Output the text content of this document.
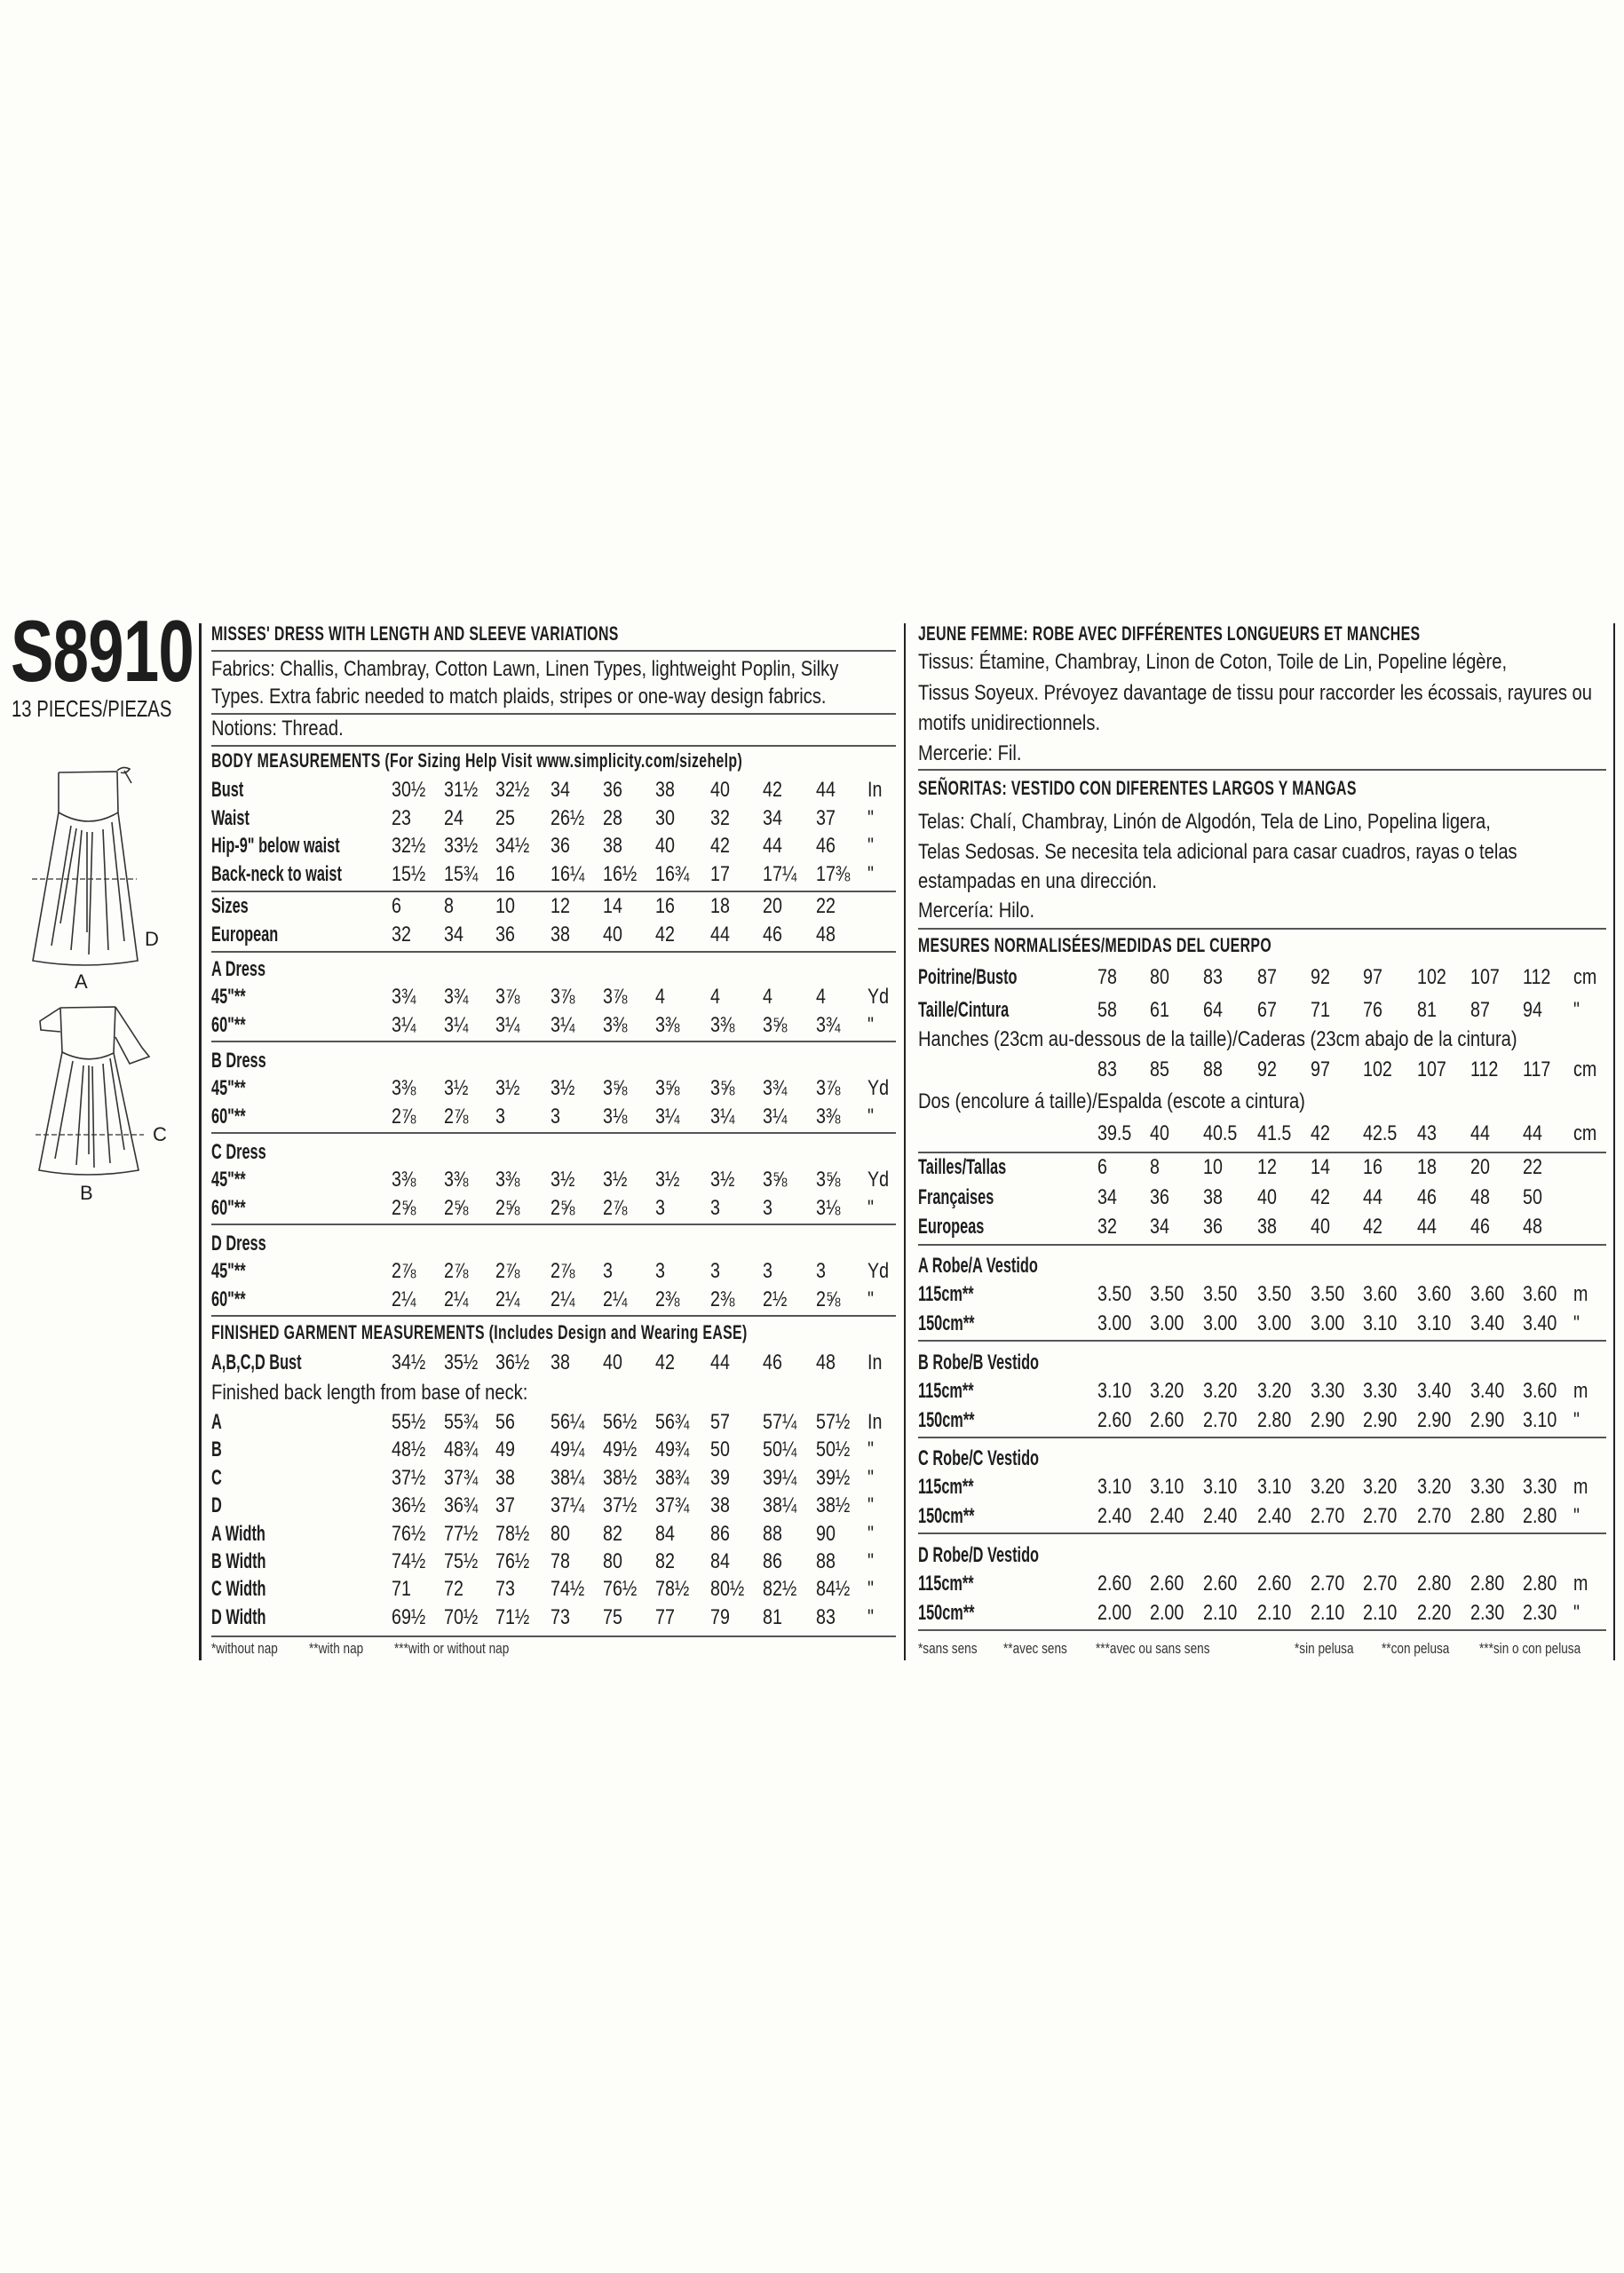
S8910
13 PIECES/PIEZAS
A
D
B
C
MISSES' DRESS WITH LENGTH AND SLEEVE VARIATIONS
Fabrics: Challis, Chambray, Cotton Lawn, Linen Types, lightweight Poplin, Silky
Types. Extra fabric needed to match plaids, stripes or one-way design fabrics.
Notions: Thread.
BODY MEASUREMENTS (For Sizing Help Visit www.simplicity.com/sizehelp)
Bust	30½ 31½ 32½ 34 36 38 40 42 44 In
Waist	23 24 25 26½ 28 30 32 34 37 "
Hip-9" below waist 32½ 33½ 34½ 36 38 40 42 44 46 "
Back-neck to waist 15½ 15¾ 16 16¼ 16½ 16¾ 17 17¼ 17⅜ "
Sizes	6 8 10 12 14 16 18 20 22
European	32 34 36 38 40 42 44 46 48
A Dress
45"**	3¾ 3¾ 3⅞ 3⅞ 3⅞ 4 4 4 4 Yd
60"**	3¼ 3¼ 3¼ 3¼ 3⅜ 3⅜ 3⅜ 3⅝ 3¾ "
B Dress
45"**	3⅜ 3½ 3½ 3½ 3⅝ 3⅝ 3⅝ 3¾ 3⅞ Yd
60"**	2⅞ 2⅞ 3 3 3⅛ 3¼ 3¼ 3¼ 3⅜ "
C Dress
45"**	3⅜ 3⅜ 3⅜ 3½ 3½ 3½ 3½ 3⅝ 3⅝ Yd
60"**	2⅝ 2⅝ 2⅝ 2⅝ 2⅞ 3 3 3 3⅛ "
D Dress
45"**	2⅞ 2⅞ 2⅞ 2⅞ 3 3 3 3 3 Yd
60"**	2¼ 2¼ 2¼ 2¼ 2¼ 2⅜ 2⅜ 2½ 2⅝ "
FINISHED GARMENT MEASUREMENTS (Includes Design and Wearing EASE)
A,B,C,D Bust	34½ 35½ 36½ 38 40 42 44 46 48 In
Finished back length from base of neck:
A	55½ 55¾ 56 56¼ 56½ 56¾ 57 57¼ 57½ In
B	48½ 48¾ 49 49¼ 49½ 49¾ 50 50¼ 50½ "
C	37½ 37¾ 38 38¼ 38½ 38¾ 39 39¼ 39½ "
D	36½ 36¾ 37 37¼ 37½ 37¾ 38 38¼ 38½ "
A Width	76½ 77½ 78½ 80 82 84 86 88 90 "
B Width	74½ 75½ 76½ 78 80 82 84 86 88 "
C Width	71 72 73 74½ 76½ 78½ 80½ 82½ 84½ "
D Width	69½ 70½ 71½ 73 75 77 79 81 83 "
*without nap **with nap ***with or without nap
JEUNE FEMME: ROBE AVEC DIFFÉRENTES LONGUEURS ET MANCHES
Tissus: Étamine, Chambray, Linon de Coton, Toile de Lin, Popeline légère,
Tissus Soyeux. Prévoyez davantage de tissu pour raccorder les écossais, rayures ou
motifs unidirectionnels.
Mercerie: Fil.
SEÑORITAS: VESTIDO CON DIFERENTES LARGOS Y MANGAS
Telas: Chalí, Chambray, Linón de Algodón, Tela de Lino, Popelina ligera,
Telas Sedosas. Se necesita tela adicional para casar cuadros, rayas o telas
estampadas en una dirección.
Mercería: Hilo.
MESURES NORMALISÉES/MEDIDAS DEL CUERPO
Poitrine/Busto	78 80 83 87 92 97 102 107 112 cm
Taille/Cintura	58 61 64 67 71 76 81 87 94 "
Hanches (23cm au-dessous de la taille)/Caderas (23cm abajo de la cintura)
83 85 88 92 97 102 107 112 117 cm
Dos (encolure á taille)/Espalda (escote a cintura)
39.5 40 40.5 41.5 42 42.5 43 44 44 cm
Tailles/Tallas	6 8 10 12 14 16 18 20 22
Françaises	34 36 38 40 42 44 46 48 50
Europeas	32 34 36 38 40 42 44 46 48
A Robe/A Vestido
115cm**	3.50 3.50 3.50 3.50 3.50 3.60 3.60 3.60 3.60 m
150cm**	3.00 3.00 3.00 3.00 3.00 3.10 3.10 3.40 3.40 "
B Robe/B Vestido
115cm**	3.10 3.20 3.20 3.20 3.30 3.30 3.40 3.40 3.60 m
150cm**	2.60 2.60 2.70 2.80 2.90 2.90 2.90 2.90 3.10 "
C Robe/C Vestido
115cm**	3.10 3.10 3.10 3.10 3.20 3.20 3.20 3.30 3.30 m
150cm**	2.40 2.40 2.40 2.40 2.70 2.70 2.70 2.80 2.80 "
D Robe/D Vestido
115cm**	2.60 2.60 2.60 2.60 2.70 2.70 2.80 2.80 2.80 m
150cm**	2.00 2.00 2.10 2.10 2.10 2.10 2.20 2.30 2.30 "
*sans sens **avec sens ***avec ou sans sens	*sin pelusa **con pelusa ***sin o con pelusa
